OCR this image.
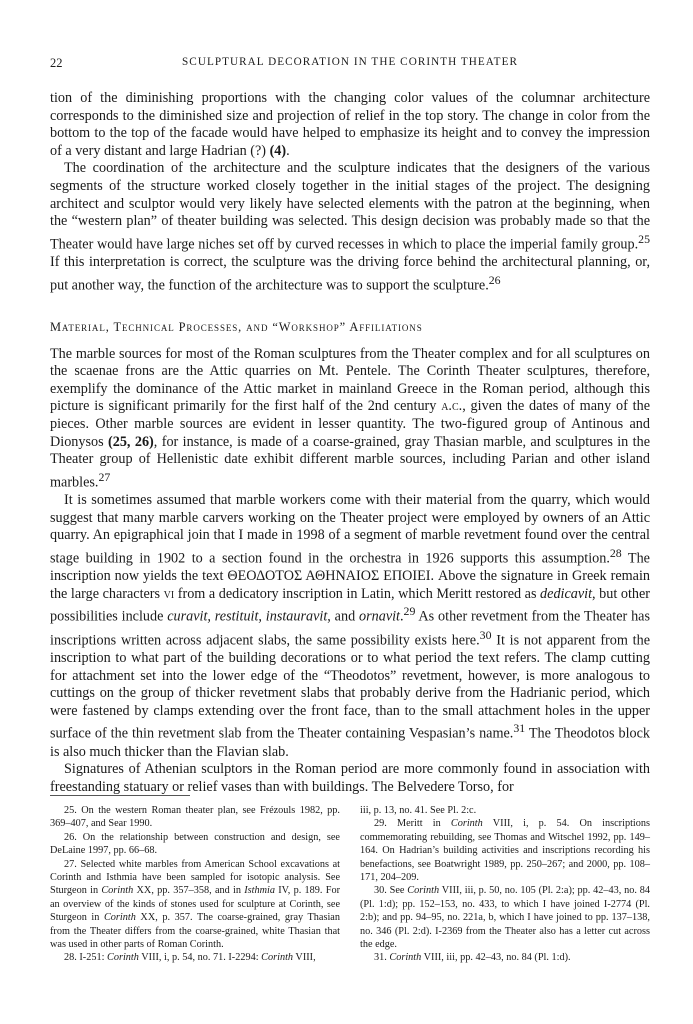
22	SCULPTURAL DECORATION IN THE CORINTH THEATER

tion of the diminishing proportions with the changing color values of the columnar architecture corresponds to the diminished size and projection of relief in the top story. The change in color from the bottom to the top of the facade would have helped to emphasize its height and to convey the impression of a very distant and large Hadrian (?) (4).

The coordination of the architecture and the sculpture indicates that the designers of the various segments of the structure worked closely together in the initial stages of the project. The designing architect and sculptor would very likely have selected elements with the patron at the beginning, when the “western plan” of theater building was selected. This design decision was probably made so that the Theater would have large niches set off by curved recesses in which to place the imperial family group.$^{25}$ If this interpretation is correct, the sculpture was the driving force behind the architectural planning, or, put another way, the function of the architecture was to support the sculpture.$^{26}$

Material, Technical Processes, and “Workshop” Affiliations

The marble sources for most of the Roman sculptures from the Theater complex and for all sculptures on the scaenae frons are the Attic quarries on Mt. Pentele. The Corinth Theater sculptures, therefore, exemplify the dominance of the Attic market in mainland Greece in the Roman period, although this picture is significant primarily for the first half of the 2nd century a.c., given the dates of many of the pieces. Other marble sources are evident in lesser quantity. The two-figured group of Antinous and Dionysos (25, 26), for instance, is made of a coarse-grained, gray Thasian marble, and sculptures in the Theater group of Hellenistic date exhibit different marble sources, including Parian and other island marbles.$^{27}$

It is sometimes assumed that marble workers come with their material from the quarry, which would suggest that many marble carvers working on the Theater project were employed by owners of an Attic quarry. An epigraphical join that I made in 1998 of a segment of marble revetment found over the central stage building in 1902 to a section found in the orchestra in 1926 supports this assumption.$^{28}$ The inscription now yields the text ΘΕΟΔΟΤΟΣ ΑΘΗΝΑΙΟΣ ΕΠΟΙΕΙ. Above the signature in Greek remain the large characters vi from a dedicatory inscription in Latin, which Meritt restored as dedicavit, but other possibilities include curavit, restituit, instauravit, and ornavit.$^{29}$ As other revetment from the Theater has inscriptions written across adjacent slabs, the same possibility exists here.$^{30}$ It is not apparent from the inscription to what part of the building decorations or to what period the text refers. The clamp cutting for attachment set into the lower edge of the “Theodotos” revetment, however, is more analogous to cuttings on the group of thicker revetment slabs that probably derive from the Hadrianic period, which were fastened by clamps extending over the front face, than to the small attachment holes in the upper surface of the thin revetment slab from the Theater containing Vespasian’s name.$^{31}$ The Theodotos block is also much thicker than the Flavian slab.

Signatures of Athenian sculptors in the Roman period are more commonly found in association with freestanding statuary or relief vases than with buildings. The Belvedere Torso, for

25. On the western Roman theater plan, see Frézouls 1982, pp. 369–407, and Sear 1990.

26. On the relationship between construction and design, see DeLaine 1997, pp. 66–68.

27. Selected white marbles from American School excavations at Corinth and Isthmia have been sampled for isotopic analysis. See Sturgeon in Corinth XX, pp. 357–358, and in Isthmia IV, p. 189. For an overview of the kinds of stones used for sculpture at Corinth, see Sturgeon in Corinth XX, p. 357. The coarse-grained, gray Thasian from the Theater differs from the coarse-grained, white Thasian that was used in other parts of Roman Corinth.

28. I-251: Corinth VIII, i, p. 54, no. 71. I-2294: Corinth VIII,

iii, p. 13, no. 41. See Pl. 2:c.

29. Meritt in Corinth VIII, i, p. 54. On inscriptions commemorating rebuilding, see Thomas and Witschel 1992, pp. 149–164. On Hadrian’s building activities and inscriptions recording his benefactions, see Boatwright 1989, pp. 250–267; and 2000, pp. 108–171, 204–209.

30. See Corinth VIII, iii, p. 50, no. 105 (Pl. 2:a); pp. 42–43, no. 84 (Pl. 1:d); pp. 152–153, no. 433, to which I have joined I-2774 (Pl. 2:b); and pp. 94–95, no. 221a, b, which I have joined to pp. 137–138, no. 346 (Pl. 2:d). I-2369 from the Theater also has a letter cut across the edge.

31. Corinth VIII, iii, pp. 42–43, no. 84 (Pl. 1:d).
